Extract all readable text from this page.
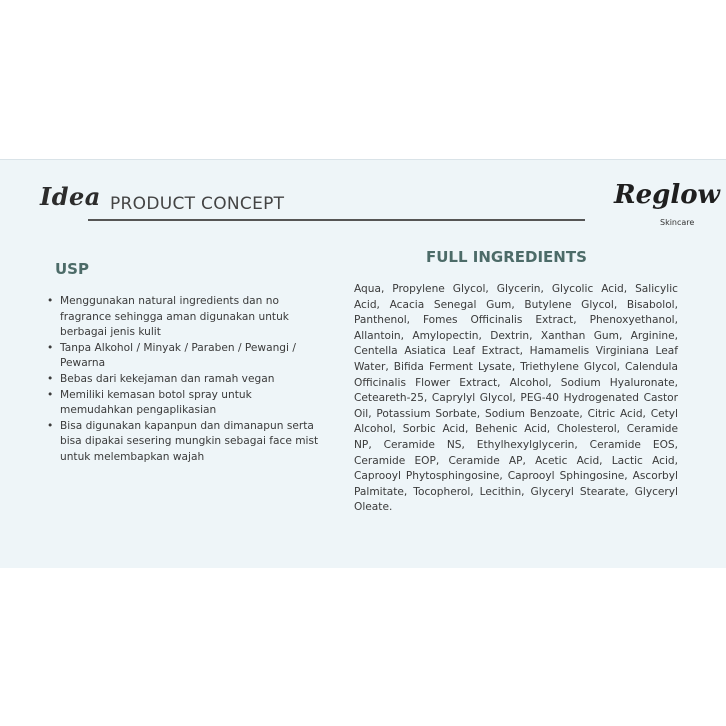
Idea PRODUCT CONCEPT	Reglow
Skincare
USP
• Menggunakan natural ingredients dan no fragrance sehingga aman digunakan untuk berbagai jenis kulit
• Tanpa Alkohol / Minyak / Paraben / Pewangi / Pewarna
• Bebas dari kekejaman dan ramah vegan
• Memiliki kemasan botol spray untuk memudahkan pengaplikasian
• Bisa digunakan kapanpun dan dimanapun serta bisa dipakai sesering mungkin sebagai face mist untuk melembapkan wajah
FULL INGREDIENTS

Aqua, Propylene Glycol, Glycerin, Glycolic Acid, Salicylic Acid, Acacia Senegal Gum, Butylene Glycol, Bisabolol, Panthenol, Fomes Officinalis Extract, Phenoxyethanol, Allantoin, Amylopectin, Dextrin, Xanthan Gum, Arginine, Centella Asiatica Leaf Extract, Hamamelis Virginiana Leaf Water, Bifida Ferment Lysate, Triethylene Glycol, Calendula Officinalis Flower Extract, Alcohol, Sodium Hyaluronate, Ceteareth-25, Caprylyl Glycol, PEG-40 Hydrogenated Castor Oil, Potassium Sorbate, Sodium Benzoate, Citric Acid, Cetyl Alcohol, Sorbic Acid, Behenic Acid, Cholesterol, Ceramide NP, Ceramide NS, Ethylhexylglycerin, Ceramide EOS, Ceramide EOP, Ceramide AP, Acetic Acid, Lactic Acid, Caprooyl Phytosphingosine, Caprooyl Sphingosine, Ascorbyl Palmitate, Tocopherol, Lecithin, Glyceryl Stearate, Glyceryl Oleate.
